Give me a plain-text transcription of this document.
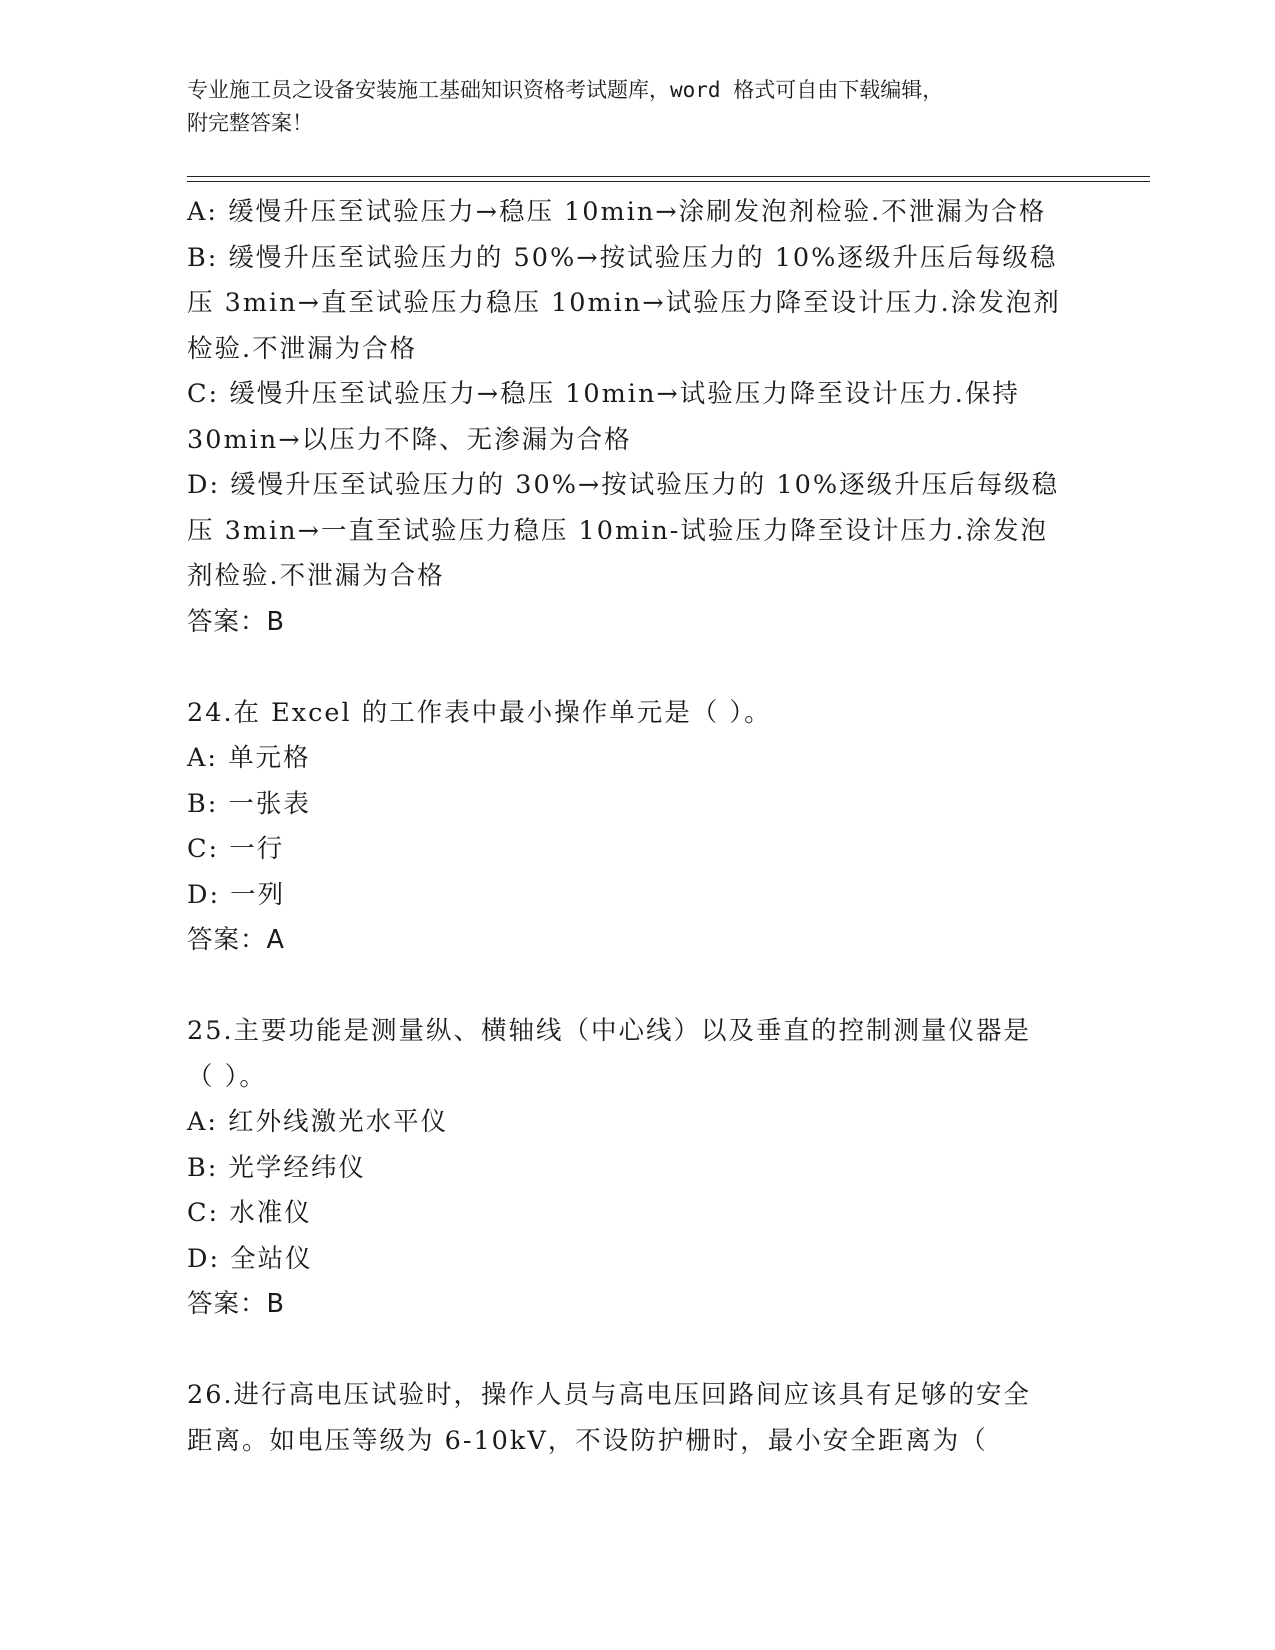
专业施工员之设备安装施工基础知识资格考试题库，word 格式可自由下载编辑，
附完整答案！
A: 缓慢升压至试验压力→稳压 10min→涂刷发泡剂检验.不泄漏为合格
B: 缓慢升压至试验压力的 50%→按试验压力的 10%逐级升压后每级稳
压 3min→直至试验压力稳压 10min→试验压力降至设计压力.涂发泡剂
检验.不泄漏为合格
C: 缓慢升压至试验压力→稳压 10min→试验压力降至设计压力.保持
30min→以压力不降、无渗漏为合格
D: 缓慢升压至试验压力的 30%→按试验压力的 10%逐级升压后每级稳
压 3min→一直至试验压力稳压 10min-试验压力降至设计压力.涂发泡
剂检验.不泄漏为合格
答案：B
24.在 Excel 的工作表中最小操作单元是（ ）。
A: 单元格
B: 一张表
C: 一行
D: 一列
答案：A
25.主要功能是测量纵、横轴线（中心线）以及垂直的控制测量仪器是
（ ）。
A: 红外线激光水平仪
B: 光学经纬仪
C: 水准仪
D: 全站仪
答案：B
26.进行高电压试验时，操作人员与高电压回路间应该具有足够的安全
距离。如电压等级为 6-10kV，不设防护栅时，最小安全距离为（
